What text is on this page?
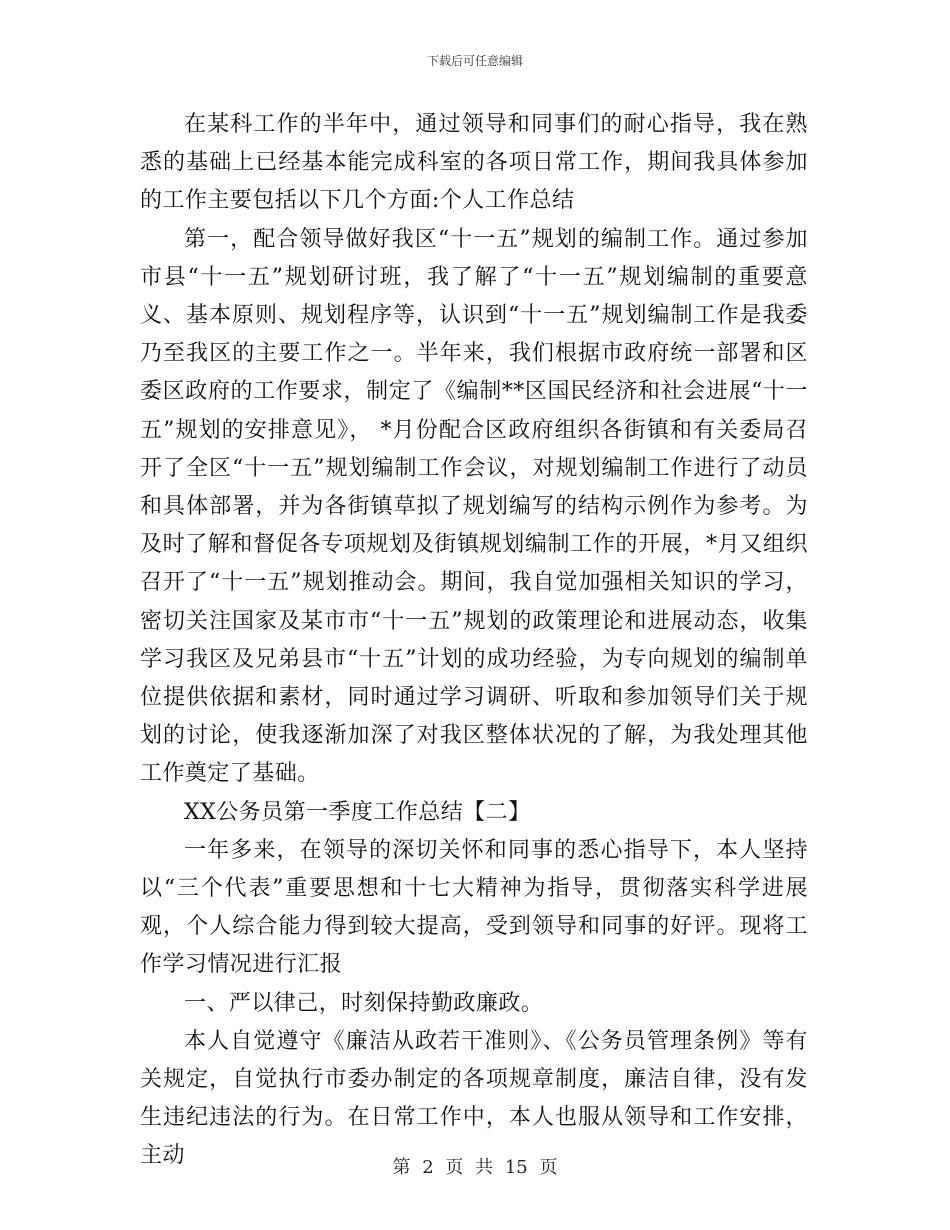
下载后可任意编辑

在某科工作的半年中，通过领导和同事们的耐心指导，我在熟悉的基础上已经基本能完成科室的各项日常工作，期间我具体参加的工作主要包括以下几个方面:个人工作总结

第一，配合领导做好我区“十一五”规划的编制工作。通过参加市县“十一五”规划研讨班，我了解了“十一五”规划编制的重要意义、基本原则、规划程序等，认识到“十一五”规划编制工作是我委乃至我区的主要工作之一。半年来，我们根据市政府统一部署和区委区政府的工作要求，制定了《编制**区国民经济和社会进展“十一五”规划的安排意见》， *月份配合区政府组织各街镇和有关委局召开了全区“十一五”规划编制工作会议，对规划编制工作进行了动员和具体部署，并为各街镇草拟了规划编写的结构示例作为参考。为及时了解和督促各专项规划及街镇规划编制工作的开展，*月又组织召开了“十一五”规划推动会。期间，我自觉加强相关知识的学习，密切关注国家及某市市“十一五”规划的政策理论和进展动态，收集学习我区及兄弟县市“十五”计划的成功经验，为专向规划的编制单位提供依据和素材，同时通过学习调研、听取和参加领导们关于规划的讨论，使我逐渐加深了对我区整体状况的了解，为我处理其他工作奠定了基础。

XX公务员第一季度工作总结【二】

一年多来，在领导的深切关怀和同事的悉心指导下，本人坚持以“三个代表”重要思想和十七大精神为指导，贯彻落实科学进展观，个人综合能力得到较大提高，受到领导和同事的好评。现将工作学习情况进行汇报

一、严以律己，时刻保持勤政廉政。

本人自觉遵守《廉洁从政若干准则》、《公务员管理条例》等有关规定，自觉执行市委办制定的各项规章制度，廉洁自律，没有发生违纪违法的行为。在日常工作中，本人也服从领导和工作安排，主动	第 2 页 共 15 页
